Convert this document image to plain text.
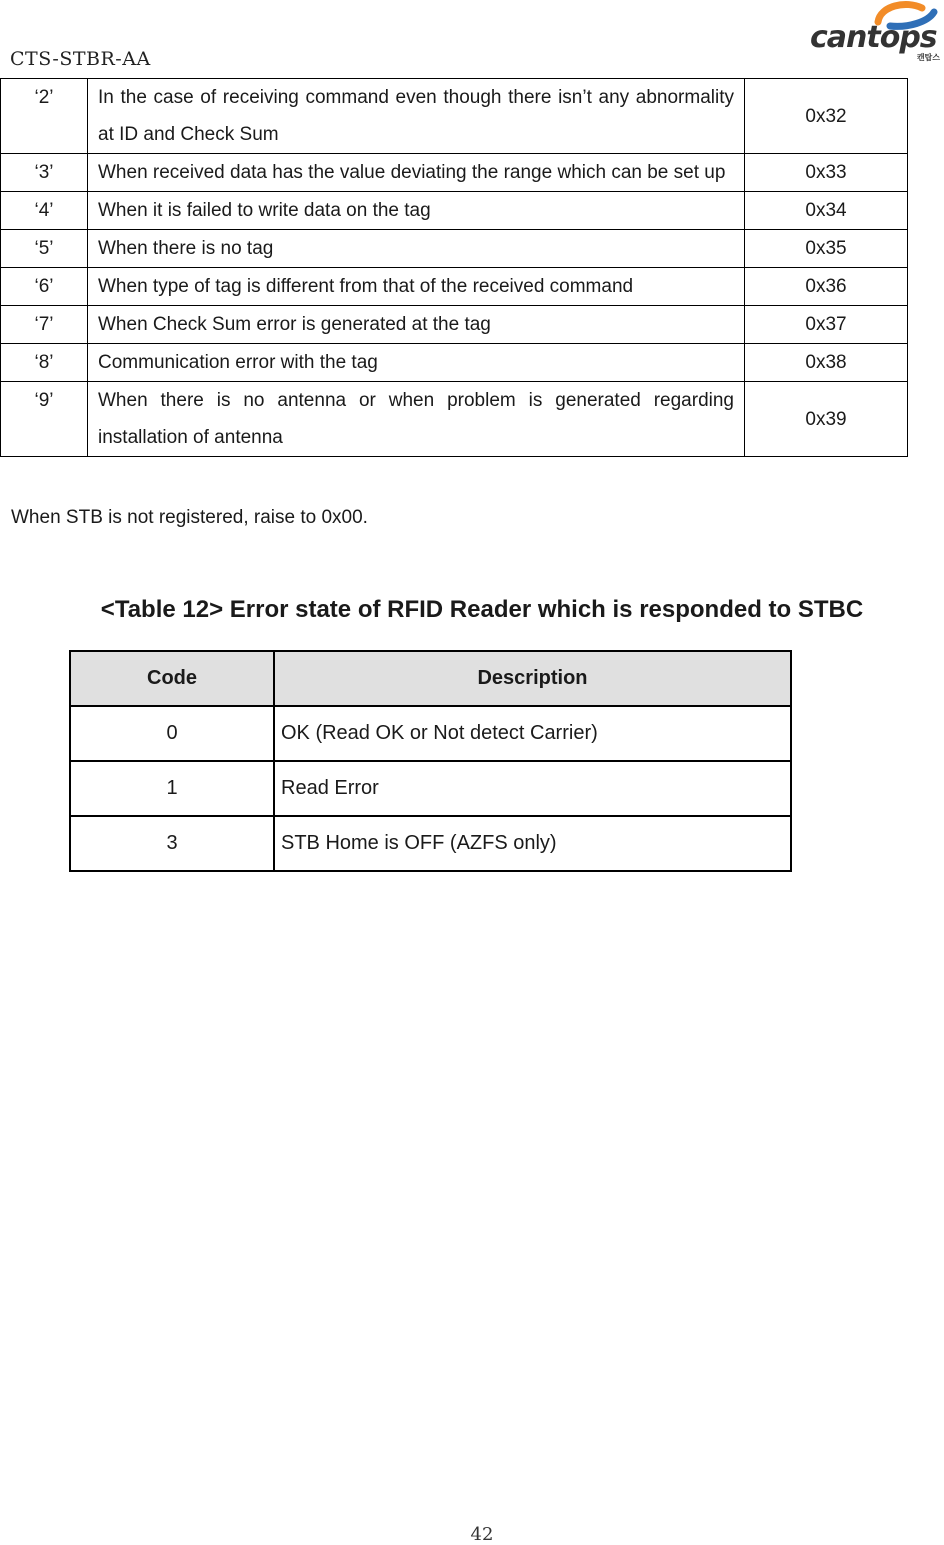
CTS-STBR-AA
cantops
캔탑스
‘2’	In the case of receiving command even though there isn’t any abnormality at ID and Check Sum	0x32
‘3’	When received data has the value deviating the range which can be set up	0x33
‘4’	When it is failed to write data on the tag	0x34
‘5’	When there is no tag	0x35
‘6’	When type of tag is different from that of the received command	0x36
‘7’	When Check Sum error is generated at the tag	0x37
‘8’	Communication error with the tag	0x38
‘9’	When there is no antenna or when problem is generated regarding installation of antenna	0x39
When STB is not registered, raise to 0x00.
<Table 12> Error state of RFID Reader which is responded to STBC
Code	Description
0	OK (Read OK or Not detect Carrier)
1	Read Error
3	STB Home is OFF (AZFS only)
42
